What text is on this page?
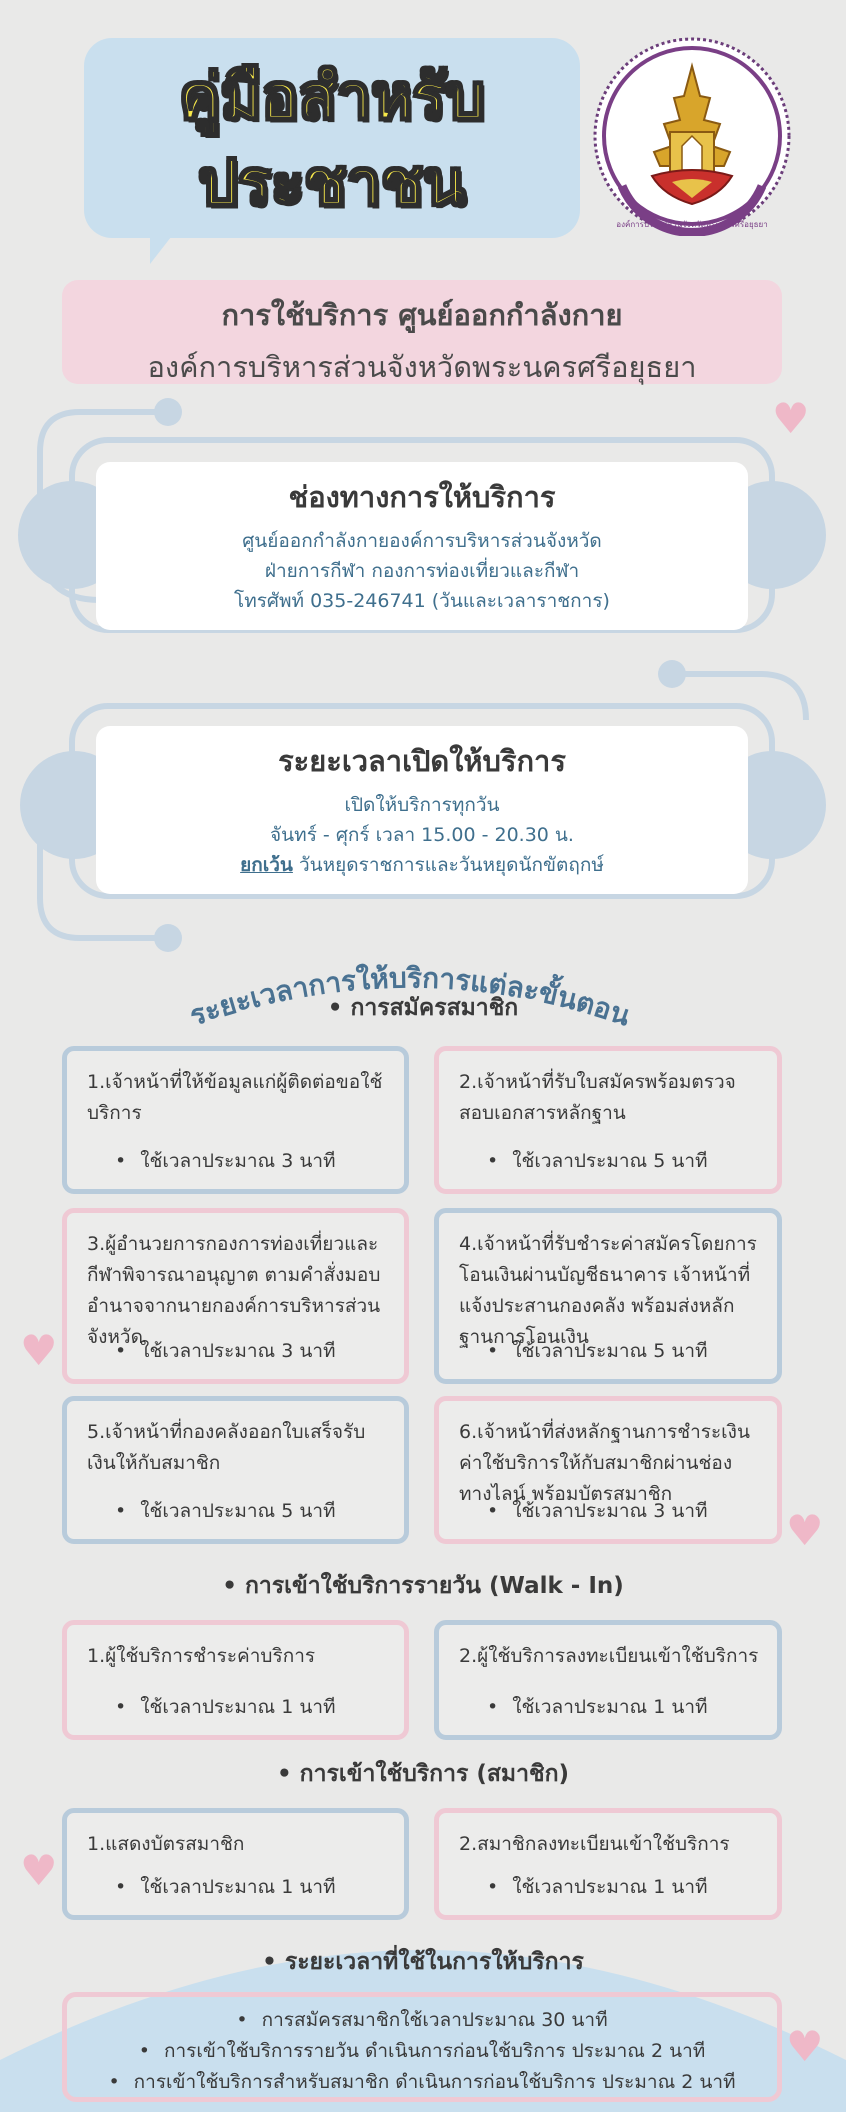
คู่มือสำหรับ
ประชาชน
องค์การบริหารส่วนจังหวัดพระนครศรีอยุธยา
การใช้บริการ ศูนย์ออกกำลังกาย
องค์การบริหารส่วนจังหวัดพระนครศรีอยุธยา
ช่องทางการให้บริการ
ศูนย์ออกกำลังกายองค์การบริหารส่วนจังหวัด
ฝ่ายการกีฬา กองการท่องเที่ยวและกีฬา
โทรศัพท์ 035-246741 (วันและเวลาราชการ)
ระยะเวลาเปิดให้บริการ
เปิดให้บริการทุกวัน
จันทร์ - ศุกร์ เวลา 15.00 - 20.30 น.
ยกเว้น วันหยุดราชการและวันหยุดนักขัตฤกษ์
ระยะเวลาการให้บริการแต่ละขั้นตอน
• การสมัครสมาชิก
1.เจ้าหน้าที่ให้ข้อมูลแก่ผู้ติดต่อขอใช้บริการ
• ใช้เวลาประมาณ 3 นาที
2.เจ้าหน้าที่รับใบสมัครพร้อมตรวจสอบเอกสารหลักฐาน
• ใช้เวลาประมาณ 5 นาที
3.ผู้อำนวยการกองการท่องเที่ยวและกีฬาพิจารณาอนุญาต ตามคำสั่งมอบอำนาจจากนายกองค์การบริหารส่วนจังหวัด
• ใช้เวลาประมาณ 3 นาที
4.เจ้าหน้าที่รับชำระค่าสมัครโดยการโอนเงินผ่านบัญชีธนาคาร เจ้าหน้าที่แจ้งประสานกองคลัง พร้อมส่งหลักฐานการโอนเงิน
• ใช้เวลาประมาณ 5 นาที
5.เจ้าหน้าที่กองคลังออกใบเสร็จรับเงินให้กับสมาชิก
• ใช้เวลาประมาณ 5 นาที
6.เจ้าหน้าที่ส่งหลักฐานการชำระเงินค่าใช้บริการให้กับสมาชิกผ่านช่องทางไลน์ พร้อมบัตรสมาชิก
• ใช้เวลาประมาณ 3 นาที
• การเข้าใช้บริการรายวัน (Walk - In)
1.ผู้ใช้บริการชำระค่าบริการ
• ใช้เวลาประมาณ 1 นาที
2.ผู้ใช้บริการลงทะเบียนเข้าใช้บริการ
• ใช้เวลาประมาณ 1 นาที
• การเข้าใช้บริการ (สมาชิก)
1.แสดงบัตรสมาชิก
• ใช้เวลาประมาณ 1 นาที
2.สมาชิกลงทะเบียนเข้าใช้บริการ
• ใช้เวลาประมาณ 1 นาที
• ระยะเวลาที่ใช้ในการให้บริการ
• การสมัครสมาชิกใช้เวลาประมาณ 30 นาที
• การเข้าใช้บริการรายวัน ดำเนินการก่อนใช้บริการ ประมาณ 2 นาที
• การเข้าใช้บริการสำหรับสมาชิก ดำเนินการก่อนใช้บริการ ประมาณ 2 นาที
♥
♥
♥
♥
♥
